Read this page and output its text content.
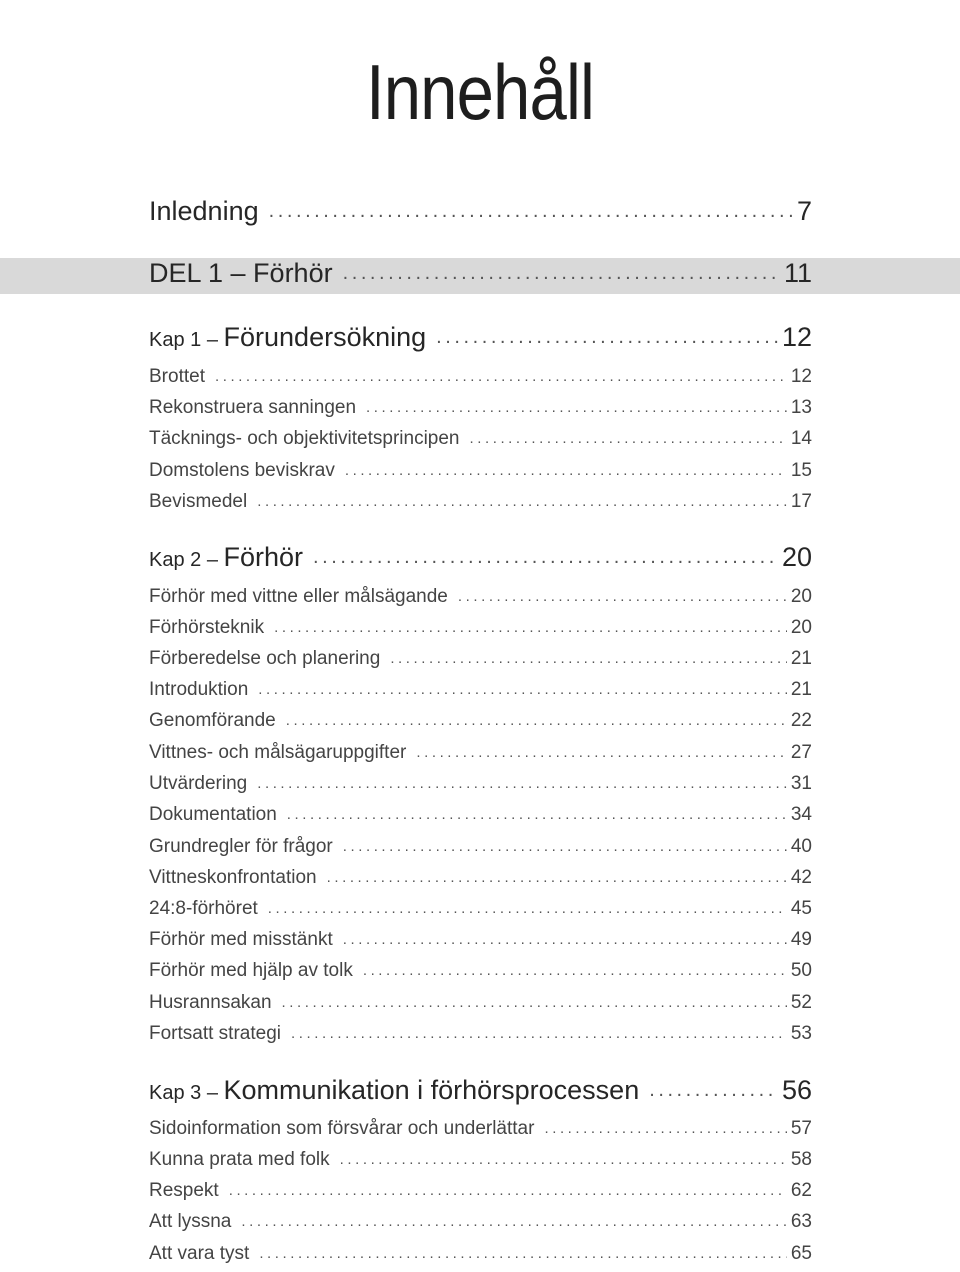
Innehåll
Inledning . . .	7
DEL 1 – Förhör . . .	11
Kap 1 – Förundersökning . . .	12
Brottet . . .	12
Rekonstruera sanningen . . .	13
Täcknings- och objektivitetsprincipen . . .	14
Domstolens beviskrav . . .	15
Bevismedel . . .	17
Kap 2 – Förhör . . .	20
Förhör med vittne eller målsägande . . .	20
Förhörsteknik . . .	20
Förberedelse och planering . . .	21
Introduktion . . .	21
Genomförande . . .	22
Vittnes- och målsägaruppgifter . . .	27
Utvärdering . . .	31
Dokumentation . . .	34
Grundregler för frågor . . .	40
Vittneskonfrontation . . .	42
24:8-förhöret . . .	45
Förhör med misstänkt . . .	49
Förhör med hjälp av tolk . . .	50
Husrannsakan . . .	52
Fortsatt strategi . . .	53
Kap 3 – Kommunikation i förhörsprocessen . . .	56
Sidoinformation som försvårar och underlättar . . .	57
Kunna prata med folk . . .	58
Respekt . . .	62
Att lyssna . . .	63
Att vara tyst . . .	65
